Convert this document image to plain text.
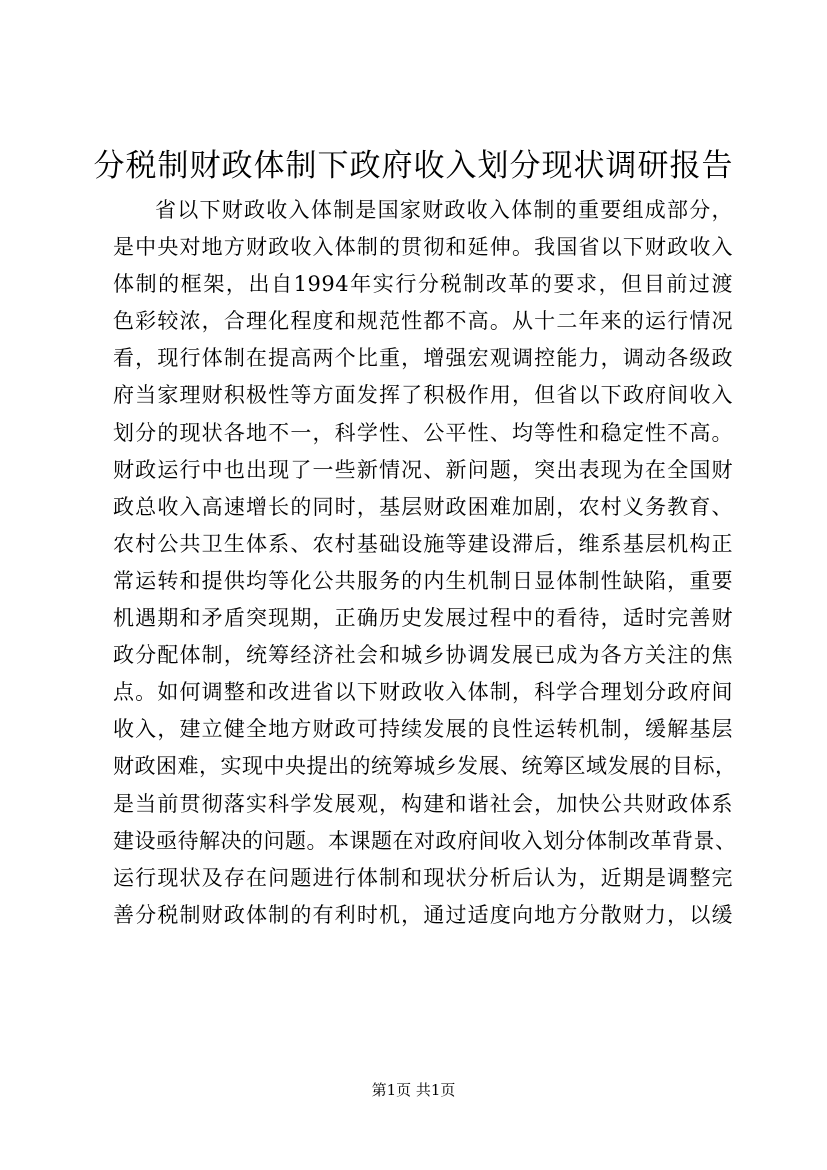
分税制财政体制下政府收入划分现状调研报告
省以下财政收入体制是国家财政收入体制的重要组成部分，
是中央对地方财政收入体制的贯彻和延伸。我国省以下财政收入
体制的框架，出自1994年实行分税制改革的要求，但目前过渡
色彩较浓，合理化程度和规范性都不高。从十二年来的运行情况
看，现行体制在提高两个比重，增强宏观调控能力，调动各级政
府当家理财积极性等方面发挥了积极作用，但省以下政府间收入
划分的现状各地不一，科学性、公平性、均等性和稳定性不高。
财政运行中也出现了一些新情况、新问题，突出表现为在全国财
政总收入高速增长的同时，基层财政困难加剧，农村义务教育、
农村公共卫生体系、农村基础设施等建设滞后，维系基层机构正
常运转和提供均等化公共服务的内生机制日显体制性缺陷，重要
机遇期和矛盾突现期，正确历史发展过程中的看待，适时完善财
政分配体制，统筹经济社会和城乡协调发展已成为各方关注的焦
点。如何调整和改进省以下财政收入体制，科学合理划分政府间
收入，建立健全地方财政可持续发展的良性运转机制，缓解基层
财政困难，实现中央提出的统筹城乡发展、统筹区域发展的目标，
是当前贯彻落实科学发展观，构建和谐社会，加快公共财政体系
建设亟待解决的问题。本课题在对政府间收入划分体制改革背景、
运行现状及存在问题进行体制和现状分析后认为，近期是调整完
善分税制财政体制的有利时机，通过适度向地方分散财力，以缓
第1页 共1页
